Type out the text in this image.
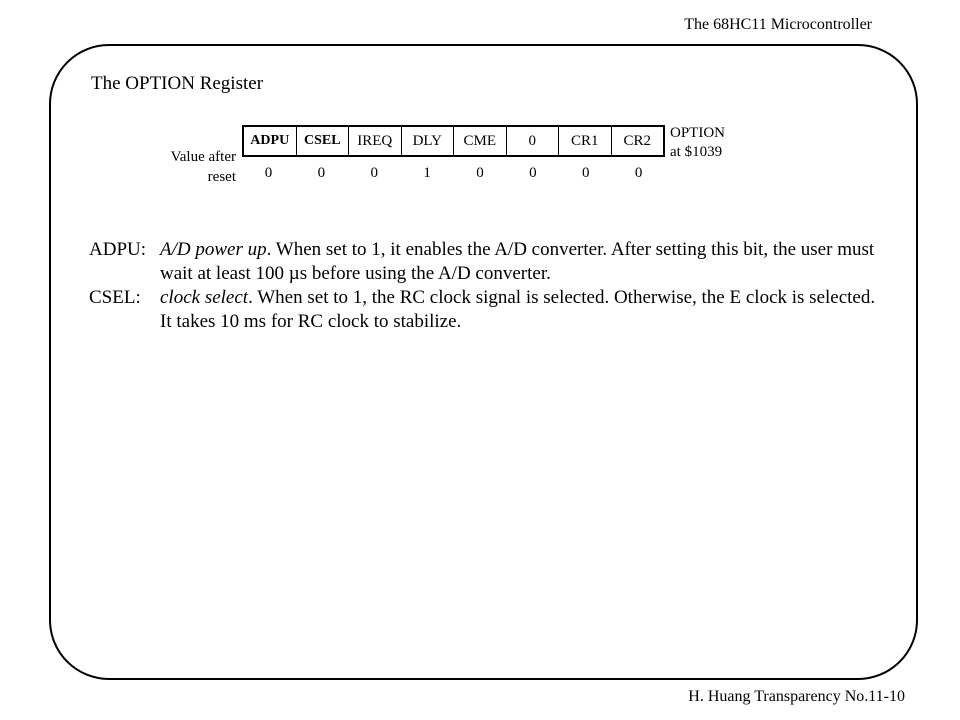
The 68HC11 Microcontroller
The OPTION Register
Value after
reset
ADPU	CSEL	IREQ	DLY	CME	0	CR1	CR2	OPTION
at $1039
0	0	0	1	0	0	0	0
ADPU: A/D power up. When set to 1, it enables the A/D converter. After setting this bit, the user must wait at least 100 µs before using the A/D converter.
CSEL:	clock select. When set to 1, the RC clock signal is selected. Otherwise, the E clock is selected. It takes 10 ms for RC clock to stabilize.
H. Huang Transparency No.11-10
